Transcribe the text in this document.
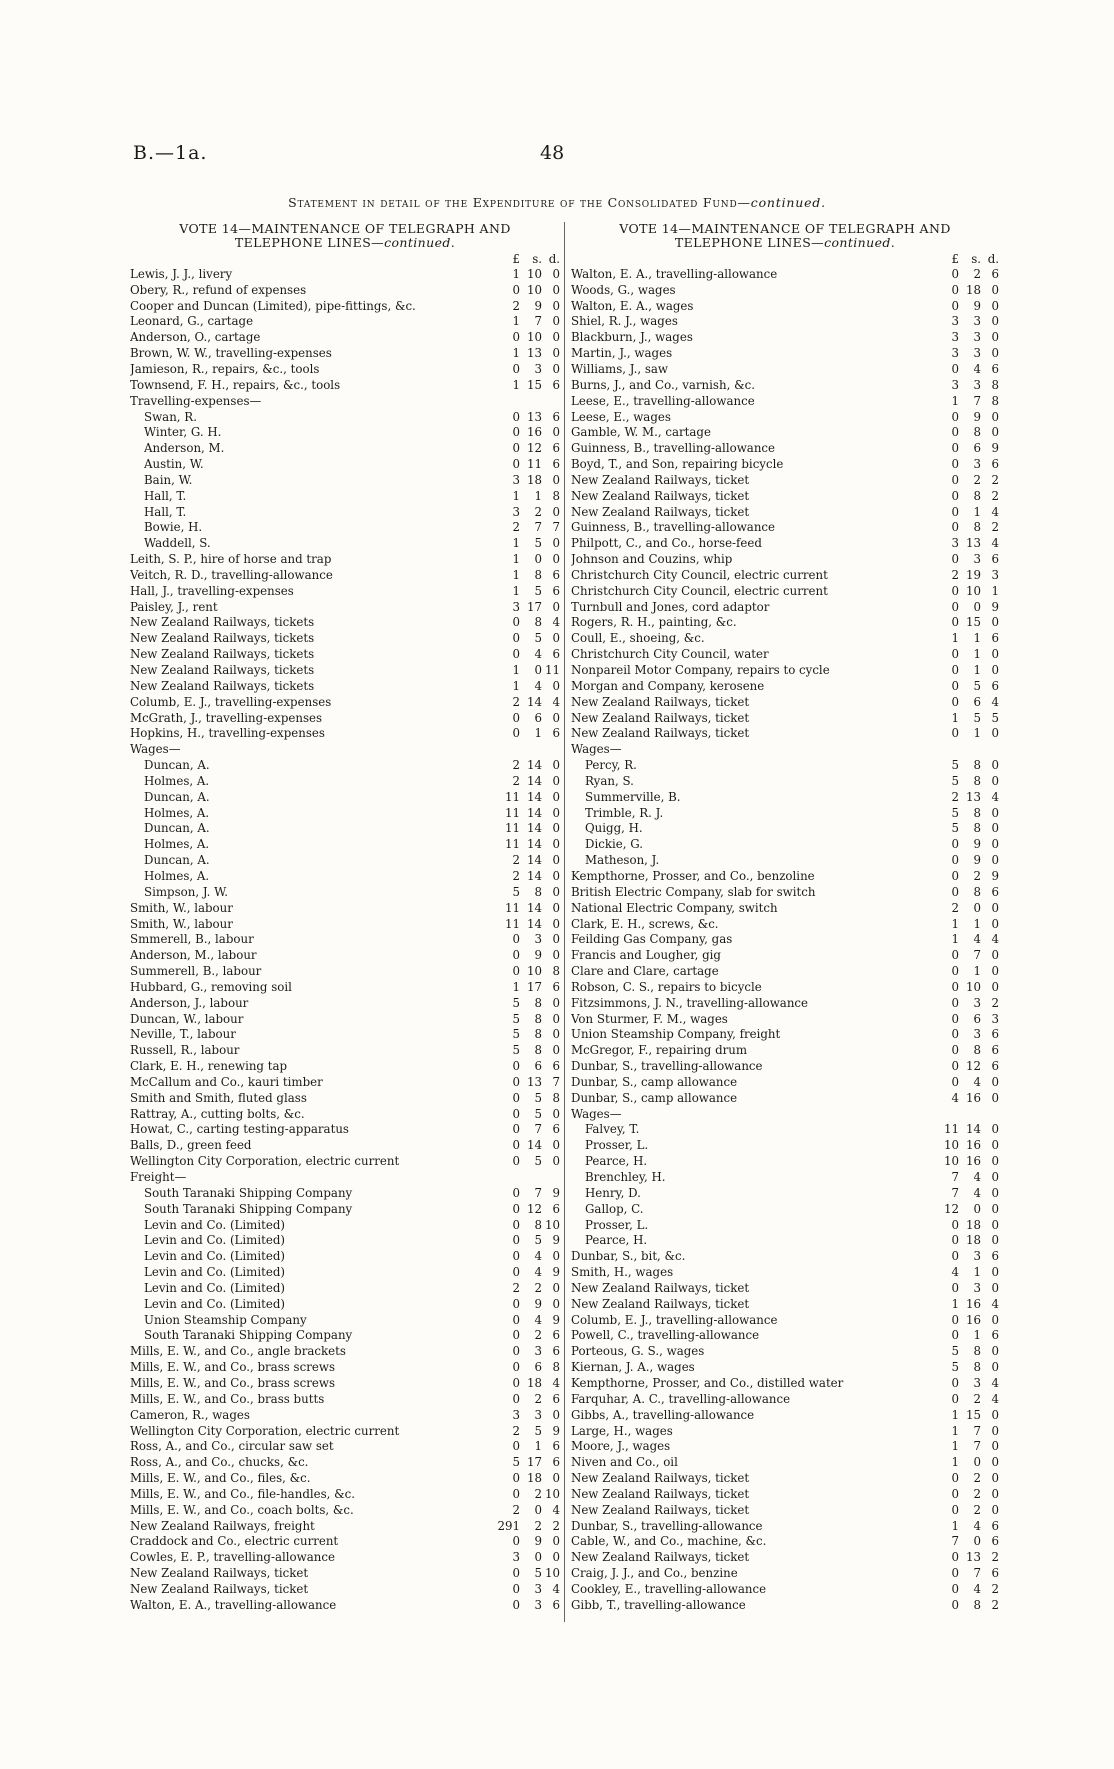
B.—1a.	48
Statement in detail of the Expenditure of the Consolidated Fund—continued.
VOTE 14—MAINTENANCE OF TELEGRAPH AND
TELEPHONE LINES—continued.
£	s. d.
Lewis, J. J., livery	1 10 0
Obery, R., refund of expenses	0 10 0
Cooper and Duncan (Limited), pipe-fittings, &c.	2	9 0
Leonard, G., cartage	1	7 0
Anderson, O., cartage	0 10 0
Brown, W. W., travelling-expenses	1 13 0
Jamieson, R., repairs, &c., tools	0	3 0
Townsend, F. H., repairs, &c., tools	1 15 6
Travelling-expenses—
Swan, R.	0 13 6
Winter, G. H.	0 16 0
Anderson, M.	0 12 6
Austin, W.	0 11 6
Bain, W.	3 18 0
Hall, T.	1	1 8
Hall, T.	3	2 0
Bowie, H.	2	7 7
Waddell, S.	1	5 0
Leith, S. P., hire of horse and trap	1	0 0
Veitch, R. D., travelling-allowance	1	8 6
Hall, J., travelling-expenses	1	5 6
Paisley, J., rent	3 17 0
New Zealand Railways, tickets	0	8 4
New Zealand Railways, tickets	0	5 0
New Zealand Railways, tickets	0	4 6
New Zealand Railways, tickets	1	0 11
New Zealand Railways, tickets	1	4 0
Columb, E. J., travelling-expenses	2 14 4
McGrath, J., travelling-expenses	0	6 0
Hopkins, H., travelling-expenses	0	1 6
Wages—
Duncan, A.	2 14 0
Holmes, A.	2 14 0
Duncan, A.	11 14 0
Holmes, A.	11 14 0
Duncan, A.	11 14 0
Holmes, A.	11 14 0
Duncan, A.	2 14 0
Holmes, A.	2 14 0
Simpson, J. W.	5	8 0
Smith, W., labour	11 14 0
Smith, W., labour	11 14 0
Smmerell, B., labour	0	3 0
Anderson, M., labour	0	9 0
Summerell, B., labour	0 10 8
Hubbard, G., removing soil	1 17 6
Anderson, J., labour	5	8 0
Duncan, W., labour	5	8 0
Neville, T., labour	5	8 0
Russell, R., labour	5	8 0
Clark, E. H., renewing tap	0	6 6
McCallum and Co., kauri timber	0 13 7
Smith and Smith, fluted glass	0	5 8
Rattray, A., cutting bolts, &c.	0	5 0
Howat, C., carting testing-apparatus	0	7 6
Balls, D., green feed	0 14 0
Wellington City Corporation, electric current	0	5 0
Freight—
South Taranaki Shipping Company	0	7 9
South Taranaki Shipping Company	0 12 6
Levin and Co. (Limited)	0	8 10
Levin and Co. (Limited)	0	5 9
Levin and Co. (Limited)	0	4 0
Levin and Co. (Limited)	0	4 9
Levin and Co. (Limited)	2	2 0
Levin and Co. (Limited)	0	9 0
Union Steamship Company	0	4 9
South Taranaki Shipping Company	0	2 6
Mills, E. W., and Co., angle brackets	0	3 6
Mills, E. W., and Co., brass screws	0	6 8
Mills, E. W., and Co., brass screws	0 18 4
Mills, E. W., and Co., brass butts	0	2 6
Cameron, R., wages	3	3 0
Wellington City Corporation, electric current	2	5 9
Ross, A., and Co., circular saw set	0	1 6
Ross, A., and Co., chucks, &c.	5 17 6
Mills, E. W., and Co., files, &c.	0 18 0
Mills, E. W., and Co., file-handles, &c.	0	2 10
Mills, E. W., and Co., coach bolts, &c.	2	0 4
New Zealand Railways, freight	291	2 2
Craddock and Co., electric current	0	9 0
Cowles, E. P., travelling-allowance	3	0 0
New Zealand Railways, ticket	0	5 10
New Zealand Railways, ticket	0	3 4
Walton, E. A., travelling-allowance	0	3 6
VOTE 14—MAINTENANCE OF TELEGRAPH AND
TELEPHONE LINES—continued.
£	s. d.
Walton, E. A., travelling-allowance	0	2 6
Woods, G., wages	0 18 0
Walton, E. A., wages	0	9 0
Shiel, R. J., wages	3	3 0
Blackburn, J., wages	3	3 0
Martin, J., wages	3	3 0
Williams, J., saw	0	4 6
Burns, J., and Co., varnish, &c.	3	3 8
Leese, E., travelling-allowance	1	7 8
Leese, E., wages	0	9 0
Gamble, W. M., cartage	0	8 0
Guinness, B., travelling-allowance	0	6 9
Boyd, T., and Son, repairing bicycle	0	3 6
New Zealand Railways, ticket	0	2 2
New Zealand Railways, ticket	0	8 2
New Zealand Railways, ticket	0	1 4
Guinness, B., travelling-allowance	0	8 2
Philpott, C., and Co., horse-feed	3 13 4
Johnson and Couzins, whip	0	3 6
Christchurch City Council, electric current	2 19 3
Christchurch City Council, electric current	0 10 1
Turnbull and Jones, cord adaptor	0	0 9
Rogers, R. H., painting, &c.	0 15 0
Coull, E., shoeing, &c.	1	1 6
Christchurch City Council, water	0	1 0
Nonpareil Motor Company, repairs to cycle	0	1 0
Morgan and Company, kerosene	0	5 6
New Zealand Railways, ticket	0	6 4
New Zealand Railways, ticket	1	5 5
New Zealand Railways, ticket	0	1 0
Wages—
Percy, R.	5	8 0
Ryan, S.	5	8 0
Summerville, B.	2 13 4
Trimble, R. J.	5	8 0
Quigg, H.	5	8 0
Dickie, G.	0	9 0
Matheson, J.	0	9 0
Kempthorne, Prosser, and Co., benzoline	0	2 9
British Electric Company, slab for switch	0	8 6
National Electric Company, switch	2	0 0
Clark, E. H., screws, &c.	1	1 0
Feilding Gas Company, gas	1	4 4
Francis and Lougher, gig	0	7 0
Clare and Clare, cartage	0	1 0
Robson, C. S., repairs to bicycle	0 10 0
Fitzsimmons, J. N., travelling-allowance	0	3 2
Von Sturmer, F. M., wages	0	6 3
Union Steamship Company, freight	0	3 6
McGregor, F., repairing drum	0	8 6
Dunbar, S., travelling-allowance	0 12 6
Dunbar, S., camp allowance	0	4 0
Dunbar, S., camp allowance	4 16 0
Wages—
Falvey, T.	11 14 0
Prosser, L.	10 16 0
Pearce, H.	10 16 0
Brenchley, H.	7	4 0
Henry, D.	7	4 0
Gallop, C.	12	0 0
Prosser, L.	0 18 0
Pearce, H.	0 18 0
Dunbar, S., bit, &c.	0	3 6
Smith, H., wages	4	1 0
New Zealand Railways, ticket	0	3 0
New Zealand Railways, ticket	1 16 4
Columb, E. J., travelling-allowance	0 16 0
Powell, C., travelling-allowance	0	1 6
Porteous, G. S., wages	5	8 0
Kiernan, J. A., wages	5	8 0
Kempthorne, Prosser, and Co., distilled water	0	3 4
Farquhar, A. C., travelling-allowance	0	2 4
Gibbs, A., travelling-allowance	1 15 0
Large, H., wages	1	7 0
Moore, J., wages	1	7 0
Niven and Co., oil	1	0 0
New Zealand Railways, ticket	0	2 0
New Zealand Railways, ticket	0	2 0
New Zealand Railways, ticket	0	2 0
Dunbar, S., travelling-allowance	1	4 6
Cable, W., and Co., machine, &c.	7	0 6
New Zealand Railways, ticket	0 13 2
Craig, J. J., and Co., benzine	0	7 6
Cookley, E., travelling-allowance	0	4 2
Gibb, T., travelling-allowance	0	8 2
